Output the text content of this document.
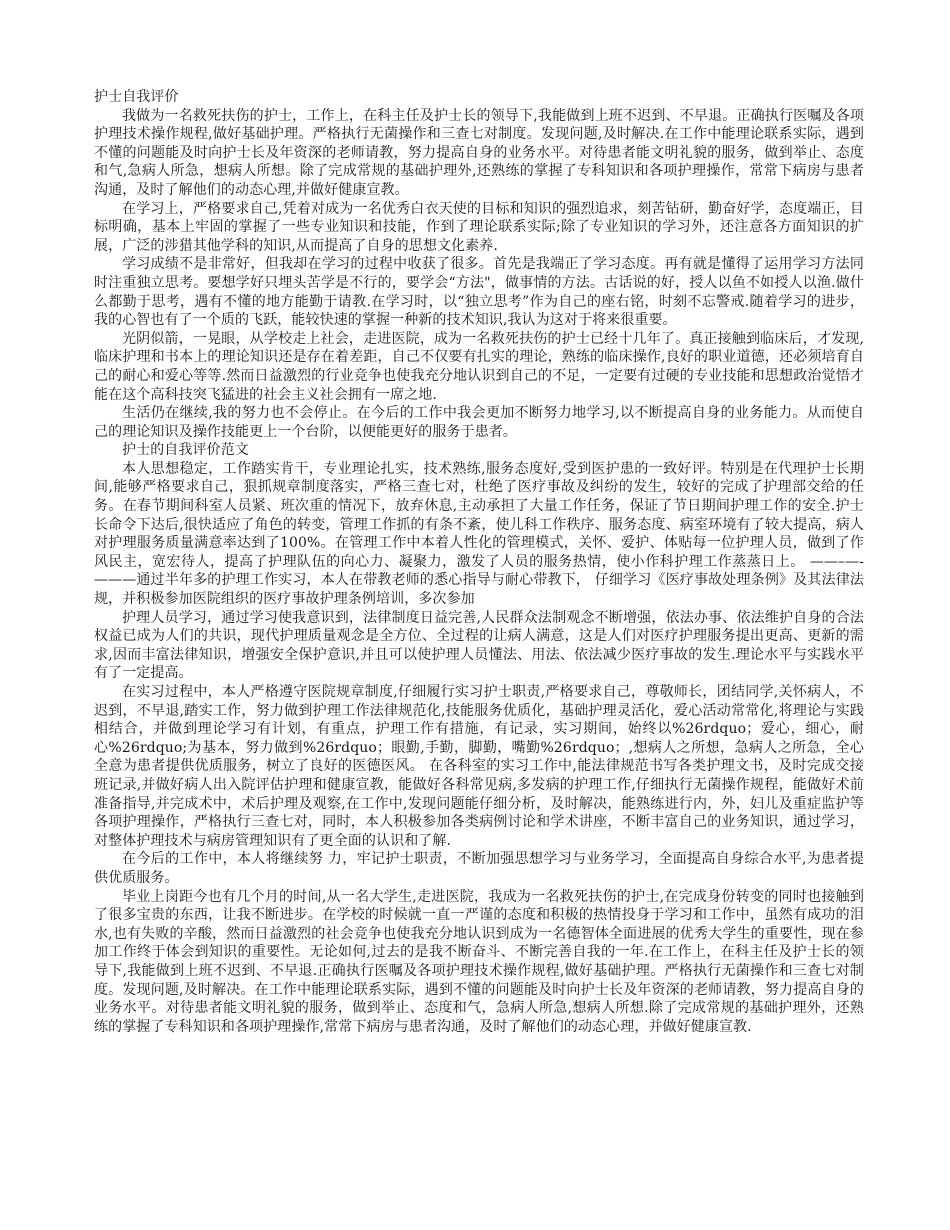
护士自我评价

我做为一名救死扶伤的护士，工作上，在科主任及护士长的领导下,我能做到上班不迟到、不早退。正确执行医嘱及各项护理技术操作规程,做好基础护理。严格执行无菌操作和三查七对制度。发现问题,及时解决.在工作中能理论联系实际，遇到不懂的问题能及时向护士长及年资深的老师请教，努力提高自身的业务水平。对待患者能文明礼貌的服务，做到举止、态度和气,急病人所急，想病人所想。除了完成常规的基础护理外,还熟练的掌握了专科知识和各项护理操作，常常下病房与患者沟通，及时了解他们的动态心理,并做好健康宣教。

在学习上，严格要求自己,凭着对成为一名优秀白衣天使的目标和知识的强烈追求，刻苦钻研，勤奋好学，态度端正，目标明确，基本上牢固的掌握了一些专业知识和技能，作到了理论联系实际;除了专业知识的学习外，还注意各方面知识的扩展，广泛的涉猎其他学科的知识,从而提高了自身的思想文化素养.

学习成绩不是非常好，但我却在学习的过程中收获了很多。首先是我端正了学习态度。再有就是懂得了运用学习方法同时注重独立思考。要想学好只埋头苦学是不行的，要学会“方法"，做事情的方法。古话说的好，授人以鱼不如授人以渔.做什么都勤于思考，遇有不懂的地方能勤于请教.在学习时，以“独立思考”作为自己的座右铭，时刻不忘警戒.随着学习的进步，我的心智也有了一个质的飞跃，能较快速的掌握一种新的技术知识,我认为这对于将来很重要。

光阴似箭，一晃眼，从学校走上社会，走进医院，成为一名救死扶伤的护士已经十几年了。真正接触到临床后，才发现,临床护理和书本上的理论知识还是存在着差距，自己不仅要有扎实的理论，熟练的临床操作,良好的职业道德，还必须培育自己的耐心和爱心等等.然而日益激烈的行业竞争也使我充分地认识到自己的不足，一定要有过硬的专业技能和思想政治觉悟才能在这个高科技突飞猛进的社会主义社会拥有一席之地.

生活仍在继续,我的努力也不会停止。在今后的工作中我会更加不断努力地学习,以不断提高自身的业务能力。从而使自己的理论知识及操作技能更上一个台阶，以便能更好的服务于患者。

护士的自我评价范文

本人思想稳定，工作踏实肯干，专业理论扎实，技术熟练,服务态度好,受到医护患的一致好评。特别是在代理护士长期间,能够严格要求自己，狠抓规章制度落实，严格三查七对，杜绝了医疗事故及纠纷的发生，较好的完成了护理部交给的任务。在春节期间科室人员紧、班次重的情况下，放弃休息,主动承担了大量工作任务，保证了节日期间护理工作的安全.护士长命令下达后,很快适应了角色的转变，管理工作抓的有条不紊，使儿科工作秩序、服务态度、病室环境有了较大提高，病人对护理服务质量满意率达到了100%。在管理工作中本着人性化的管理模式，关怀、爱护、体贴每一位护理人员，做到了作风民主，宽宏待人，提高了护理队伍的向心力、凝聚力，激发了人员的服务热情，使小作科护理工作蒸蒸日上。 ——–—-———通过半年多的护理工作实习，本人在带教老师的悉心指导与耐心带教下， 仔细学习《医疗事故处理条例》及其法律法规，并积极参加医院组织的医疗事故护理条例培训，多次参加

护理人员学习，通过学习使我意识到，法律制度日益完善,人民群众法制观念不断增强，依法办事、依法维护自身的合法权益已成为人们的共识，现代护理质量观念是全方位、全过程的让病人满意，这是人们对医疗护理服务提出更高、更新的需求,因而丰富法律知识，增强安全保护意识,并且可以使护理人员懂法、用法、依法减少医疗事故的发生.理论水平与实践水平有了一定提高。

在实习过程中，本人严格遵守医院规章制度,仔细履行实习护士职责,严格要求自己，尊敬师长，团结同学,关怀病人，不迟到，不早退,踏实工作，努力做到护理工作法律规范化,技能服务优质化，基础护理灵活化，爱心活动常常化,将理论与实践相结合，并做到理论学习有计划，有重点，护理工作有措施，有记录，实习期间，始终以%26rdquo；爱心，细心，耐心%26rdquo;为基本，努力做到%26rdquo；眼勤,手勤，脚勤，嘴勤%26rdquo；,想病人之所想，急病人之所急，全心全意为患者提供优质服务，树立了良好的医德医风。 在各科室的实习工作中,能法律规范书写各类护理文书，及时完成交接班记录,并做好病人出入院评估护理和健康宣教，能做好各科常见病,多发病的护理工作,仔细执行无菌操作规程，能做好术前准备指导,并完成术中，术后护理及观察,在工作中,发现问题能仔细分析，及时解决，能熟练进行内，外，妇儿及重症监护等各项护理操作，严格执行三查七对，同时，本人积极参加各类病例讨论和学术讲座，不断丰富自己的业务知识，通过学习，对整体护理技术与病房管理知识有了更全面的认识和了解.

在今后的工作中，本人将继续努 力，牢记护士职责，不断加强思想学习与业务学习，全面提高自身综合水平,为患者提供优质服务。

毕业上岗距今也有几个月的时间,从一名大学生,走进医院，我成为一名救死扶伤的护士,在完成身份转变的同时也接触到了很多宝贵的东西，让我不断进步。在学校的时候就一直一严谨的态度和积极的热情投身于学习和工作中，虽然有成功的泪水,也有失败的辛酸，然而日益激烈的社会竞争也使我充分地认识到成为一名德智体全面进展的优秀大学生的重要性，现在参加工作终于体会到知识的重要性。无论如何,过去的是我不断奋斗、不断完善自我的一年.在工作上，在科主任及护士长的领导下,我能做到上班不迟到、不早退.正确执行医嘱及各项护理技术操作规程,做好基础护理。严格执行无菌操作和三查七对制度。发现问题,及时解决。在工作中能理论联系实际，遇到不懂的问题能及时向护士长及年资深的老师请教，努力提高自身的业务水平。对待患者能文明礼貌的服务，做到举止、态度和气，急病人所急,想病人所想.除了完成常规的基础护理外，还熟练的掌握了专科知识和各项护理操作,常常下病房与患者沟通，及时了解他们的动态心理，并做好健康宣教.
